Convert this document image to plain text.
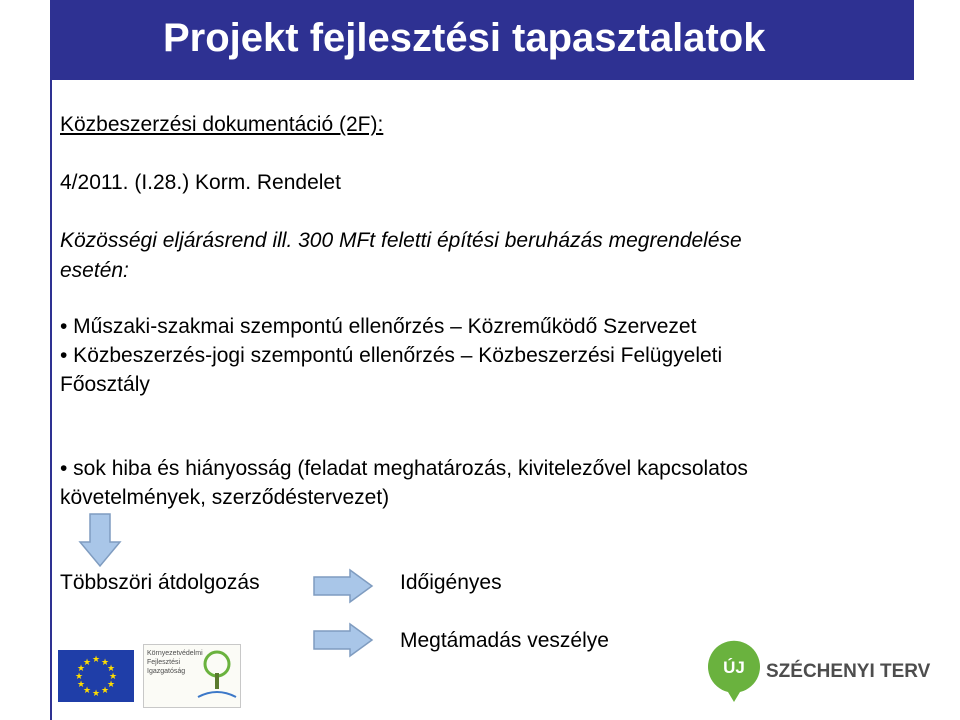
Projekt fejlesztési tapasztalatok
Közbeszerzési dokumentáció (2F):
4/2011. (I.28.) Korm. Rendelet
Közösségi eljárásrend ill. 300 MFt feletti építési beruházás megrendelése
esetén:
• Műszaki-szakmai szempontú ellenőrzés – Közreműködő Szervezet
• Közbeszerzés-jogi szempontú ellenőrzés – Közbeszerzési Felügyeleti
Főosztály
• sok hiba és hiányosság (feladat meghatározás, kivitelezővel kapcsolatos
követelmények, szerződéstervezet)
Többszöri átdolgozás	Időigényes
Megtámadás veszélye
★ ★
★
★
★
★
★
★
★
★
★
★
Környezetvédelmi
Fejlesztési
Igazgatóság	ÚJ	SZÉCHENYI TERV
